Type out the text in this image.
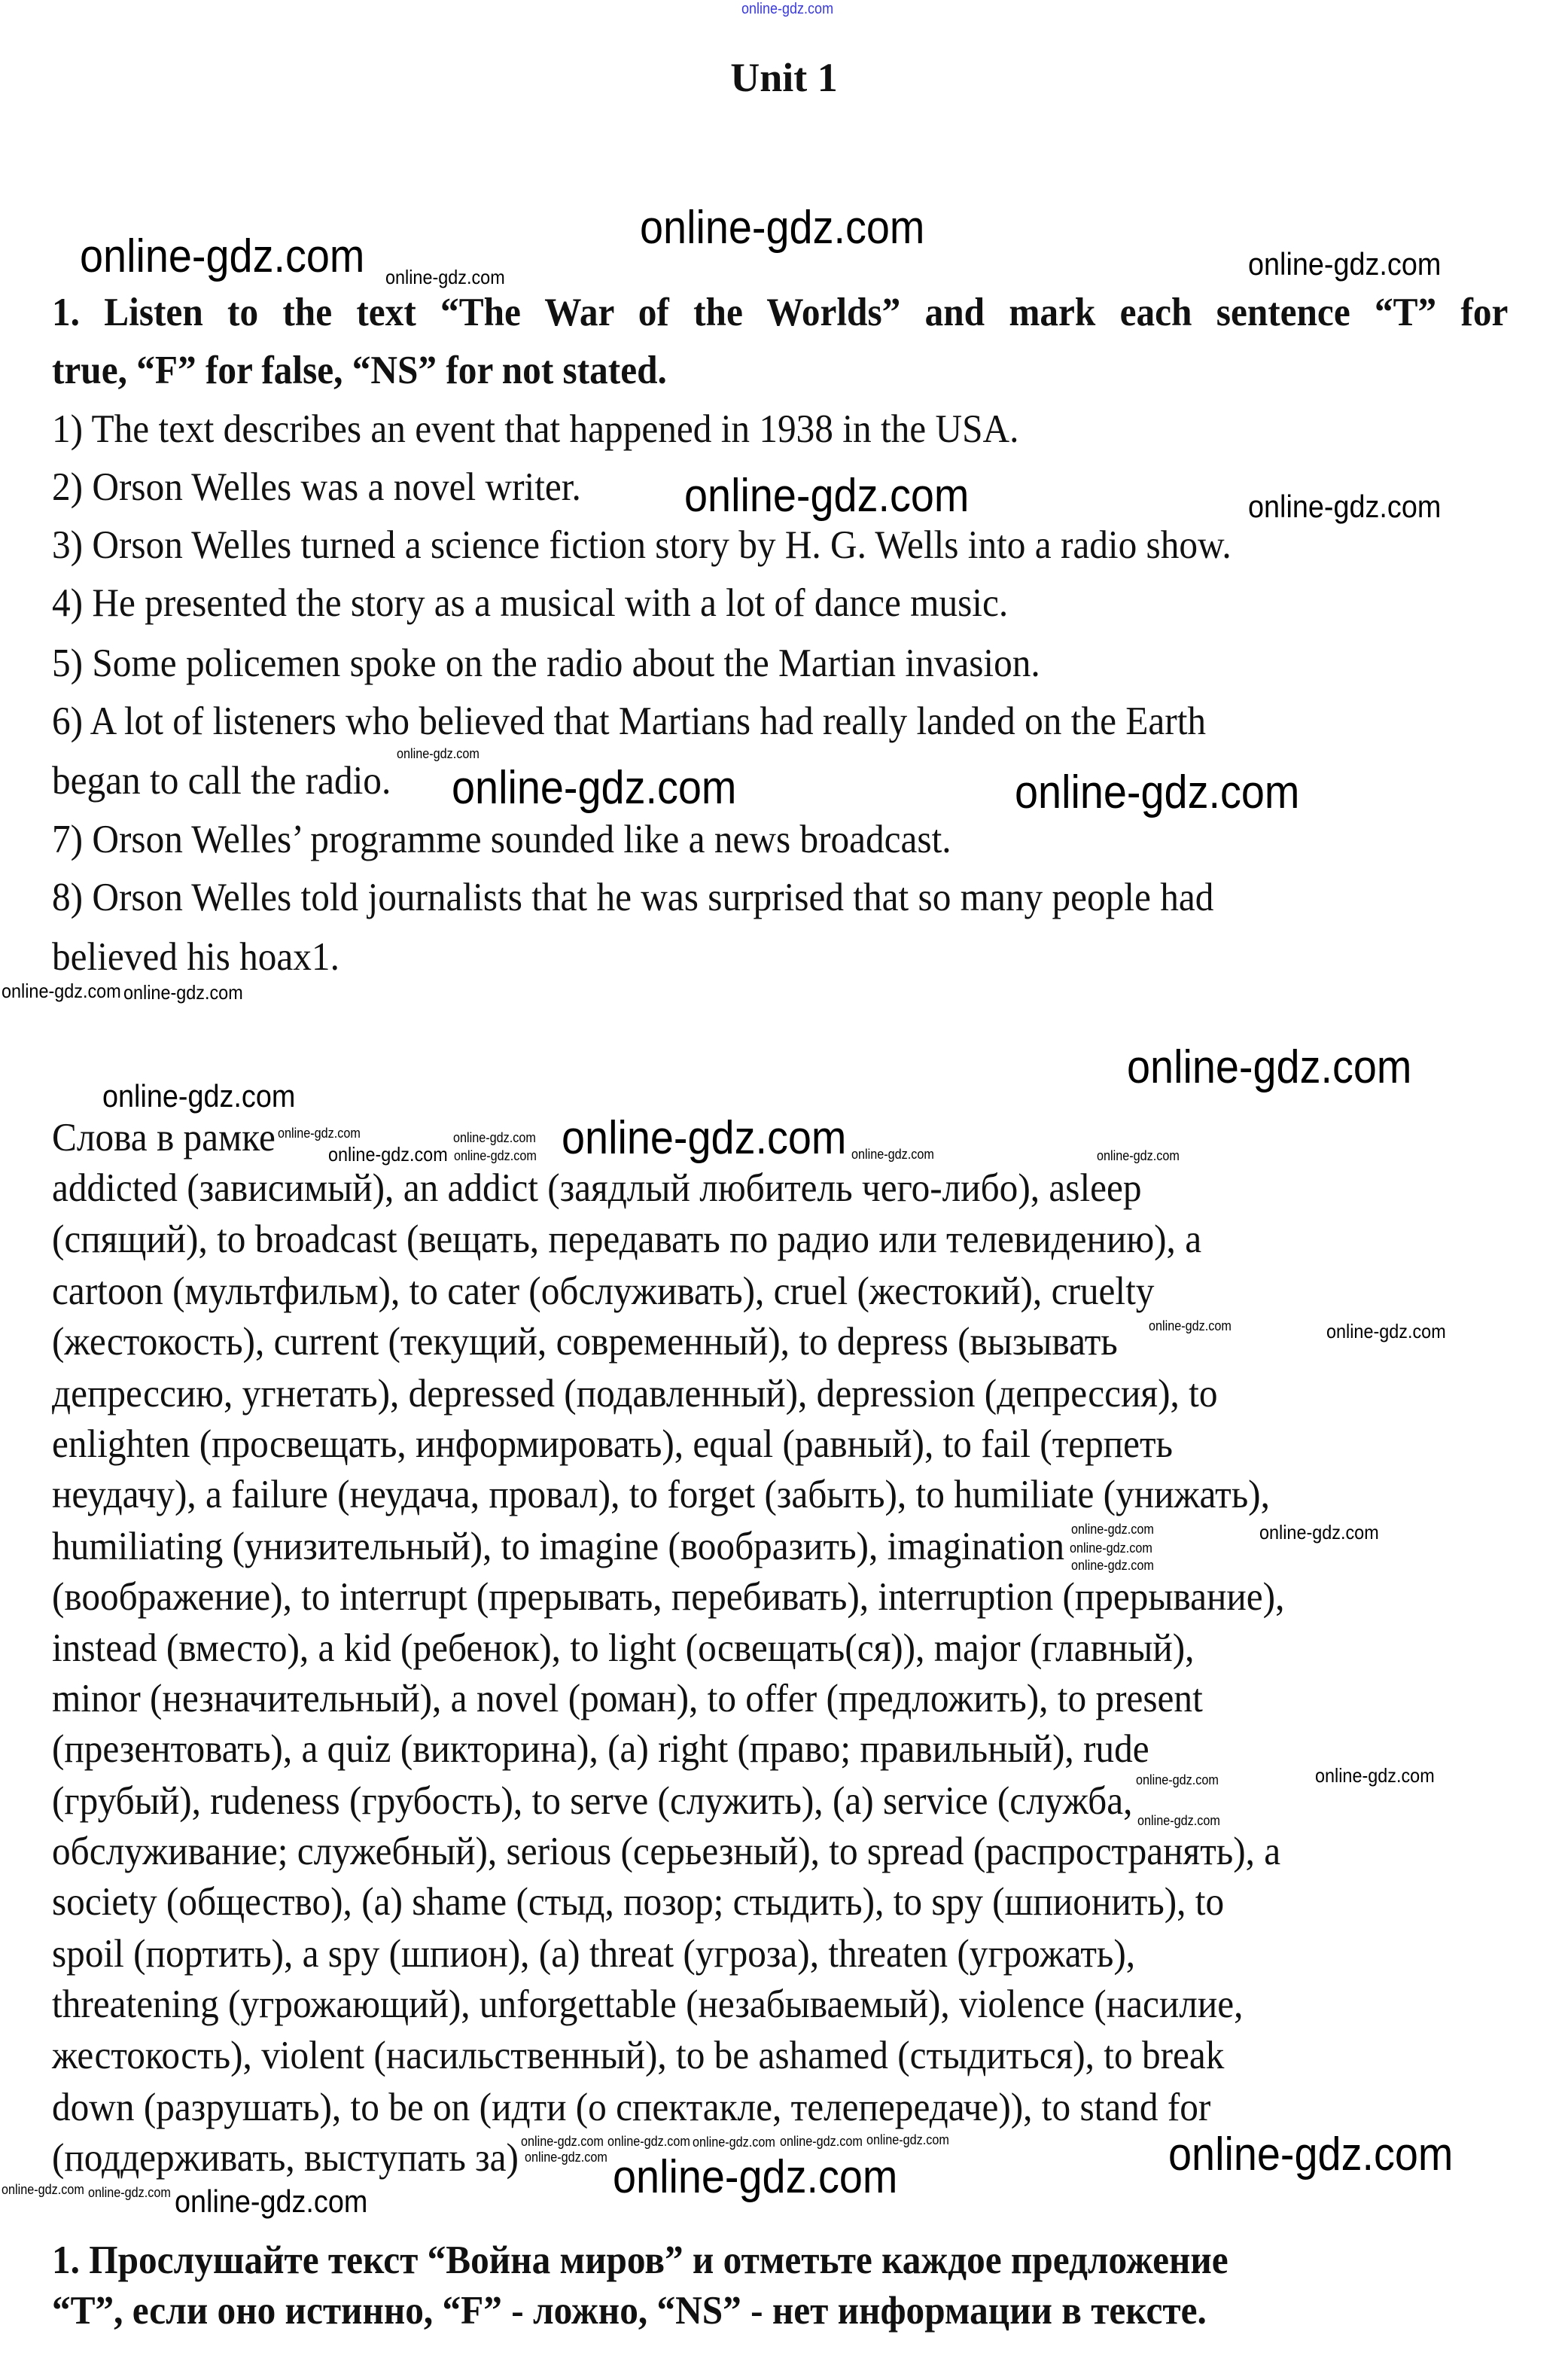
online-gdz.com
Unit 1
1. Listen to the text “The War of the Worlds” and mark each sentence “T” for
true, “F” for false, “NS” for not stated.
1) The text describes an event that happened in 1938 in the USA.
2) Orson Welles was a novel writer.
3) Orson Welles turned a science fiction story by H. G. Wells into a radio show.
4) He presented the story as a musical with a lot of dance music.
5) Some policemen spoke on the radio about the Martian invasion.
6) A lot of listeners who believed that Martians had really landed on the Earth
began to call the radio.
7) Orson Welles’ programme sounded like a news broadcast.
8) Orson Welles told journalists that he was surprised that so many people had
believed his hoax1.
Слова в рамке
addicted (зависимый), an addict (заядлый любитель чего-либо), asleep
(спящий), to broadcast (вещать, передавать по радио или телевидению), a
cartoon (мультфильм), to cater (обслуживать), cruel (жестокий), cruelty
(жестокость), current (текущий, современный), to depress (вызывать
депрессию, угнетать), depressed (подавленный), depression (депрессия), to
enlighten (просвещать, информировать), equal (равный), to fail (терпеть
неудачу), a failure (неудача, провал), to forget (забыть), to humiliate (унижать),
humiliating (унизительный), to imagine (вообразить), imagination
(воображение), to interrupt (прерывать, перебивать), interruption (прерывание),
instead (вместо), a kid (ребенок), to light (освещать(ся)), major (главный),
minor (незначительный), a novel (роман), to offer (предложить), to present
(презентовать), a quiz (викторина), (a) right (право; правильный), rude
(грубый), rudeness (грубость), to serve (служить), (a) service (служба,
обслуживание; служебный), serious (серьезный), to spread (распространять), a
society (общество), (a) shame (стыд, позор; стыдить), to spy (шпионить), to
spoil (портить), a spy (шпион), (a) threat (угроза), threaten (угрожать),
threatening (угрожающий), unforgettable (незабываемый), violence (насилие,
жестокость), violent (насильственный), to be ashamed (стыдиться), to break
down (разрушать), to be on (идти (о спектакле, телепередаче)), to stand for
(поддерживать, выступать за)
1. Прослушайте текст “Война миров” и отметьте каждое предложение
“T”, если оно истинно, “F” - ложно, “NS” - нет информации в тексте.
online-gdz.com
online-gdz.com	online-gdz.com
online-gdz.com	online-gdz.com
online-gdz.com
online-gdz.com
online-gdz.com
online-gdz.com	online-gdz.com
online-gdz.com
online-gdz.com
online-gdz.com
online-gdz.com
online-gdz.com
online-gdz.com
online-gdz.com online-gdz.com
online-gdz.com
online-gdz.com
online-gdz.com
online-gdz.com
online-gdz.com
online-gdz.com	online-gdz.com
online-gdz.com
online-gdz.com online-gdz.com online-gdz.com
online-gdz.com	online-gdz.com
online-gdz.com
online-gdz.com online-gdz.com
online-gdz.com
online-gdz.com online-gdz.com	online-gdz.com	online-gdz.com
online-gdz.com
